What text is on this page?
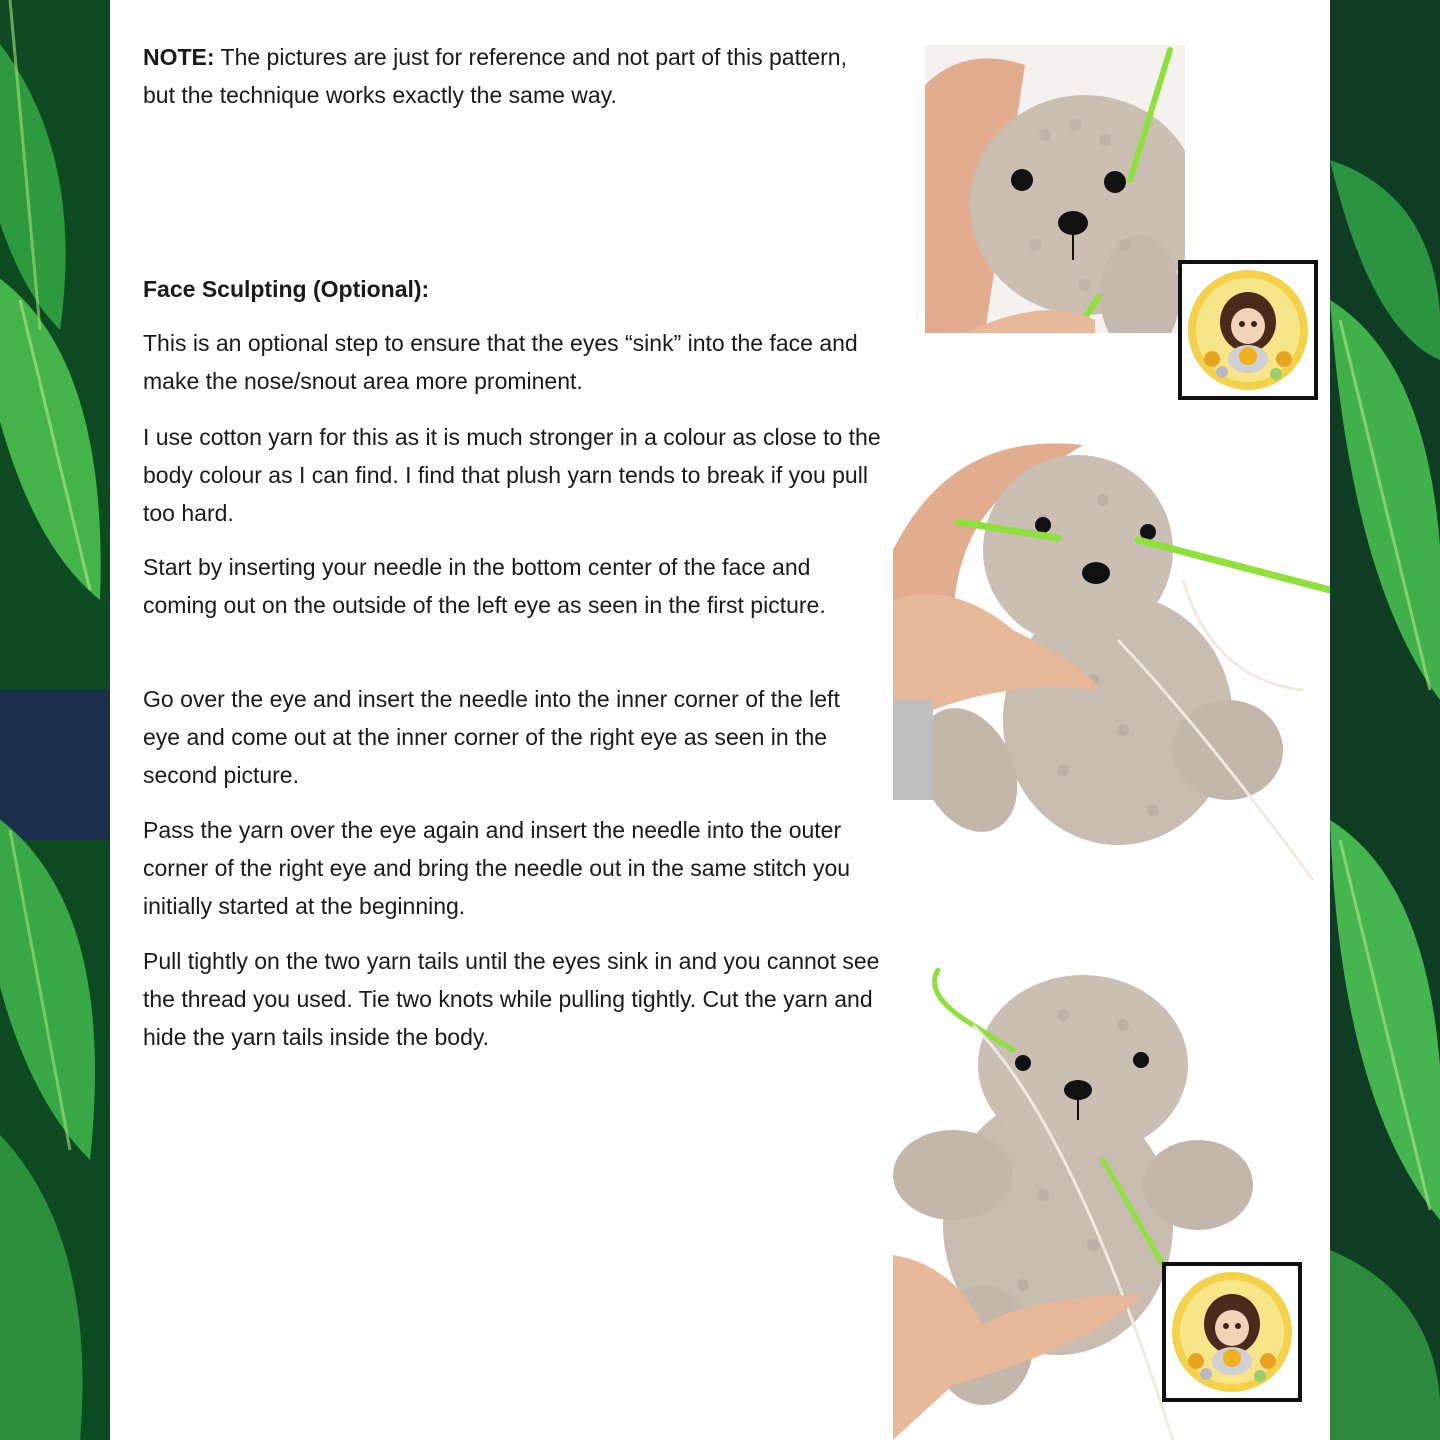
NOTE: The pictures are just for reference and not part of this pattern, but the technique works exactly the same way.
Face Sculpting (Optional):
This is an optional step to ensure that the eyes “sink” into the face and make the nose/snout area more prominent.
I use cotton yarn for this as it is much stronger in a colour as close to the body colour as I can find. I find that plush yarn tends to break if you pull too hard.
Start by inserting your needle in the bottom center of the face and coming out on the outside of the left eye as seen in the first picture.
Go over the eye and insert the needle into the inner corner of the left eye and come out at the inner corner of the right eye as seen in the second picture.
Pass the yarn over the eye again and insert the needle into the outer corner of the right eye and bring the needle out in the same stitch you initially started at the beginning.
Pull tightly on the two yarn tails until the eyes sink in and you cannot see the thread you used. Tie two knots while pulling tightly. Cut the yarn and hide the yarn tails inside the body.
